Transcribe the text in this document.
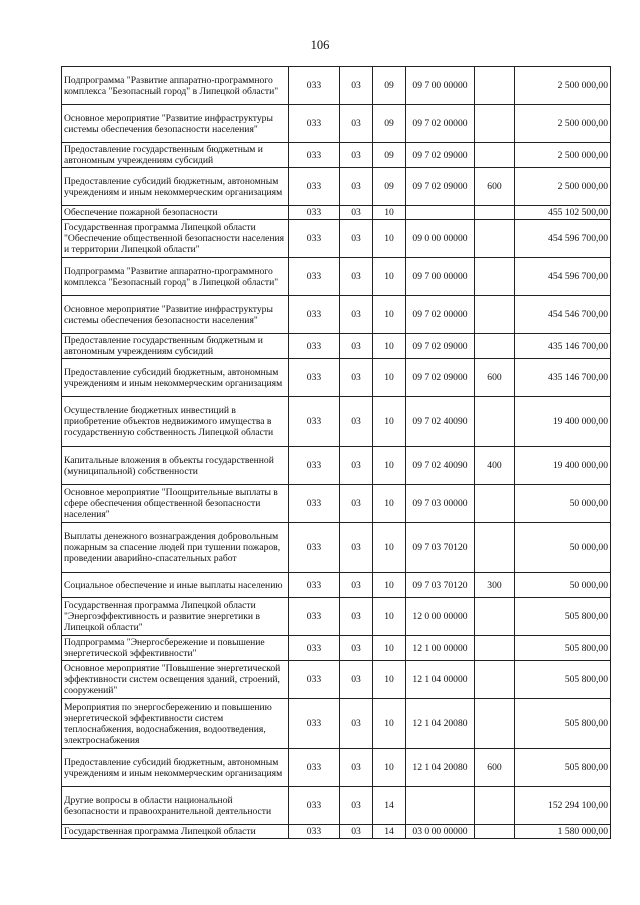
106
Подпрограмма "Развитие аппаратно-программного комплекса "Безопасный город" в Липецкой области"	033	03	09	09 7 00 00000		2 500 000,00
Основное мероприятие "Развитие инфраструктуры системы обеспечения безопасности населения"	033	03	09	09 7 02 00000		2 500 000,00
Предоставление государственным бюджетным и автономным учреждениям субсидий	033	03	09	09 7 02 09000		2 500 000,00
Предоставление субсидий бюджетным, автономным учреждениям и иным некоммерческим организациям	033	03	09	09 7 02 09000	600	2 500 000,00
Обеспечение пожарной безопасности	033	03	10			455 102 500,00
Государственная программа Липецкой области "Обеспечение общественной безопасности населения и территории Липецкой области"	033	03	10	09 0 00 00000		454 596 700,00
Подпрограмма "Развитие аппаратно-программного комплекса "Безопасный город" в Липецкой области"	033	03	10	09 7 00 00000		454 596 700,00
Основное мероприятие "Развитие инфраструктуры системы обеспечения безопасности населения"	033	03	10	09 7 02 00000		454 546 700,00
Предоставление государственным бюджетным и автономным учреждениям субсидий	033	03	10	09 7 02 09000		435 146 700,00
Предоставление субсидий бюджетным, автономным учреждениям и иным некоммерческим организациям	033	03	10	09 7 02 09000	600	435 146 700,00
Осуществление бюджетных инвестиций в приобретение объектов недвижимого имущества в государственную собственность Липецкой области	033	03	10	09 7 02 40090		19 400 000,00
Капитальные вложения в объекты государственной (муниципальной) собственности	033	03	10	09 7 02 40090	400	19 400 000,00
Основное мероприятие "Поощрительные выплаты в сфере обеспечения общественной безопасности населения"	033	03	10	09 7 03 00000		50 000,00
Выплаты денежного вознаграждения добровольным пожарным за спасение людей при тушении пожаров, проведении аварийно-спасательных работ	033	03	10	09 7 03 70120		50 000,00
Социальное обеспечение и иные выплаты населению	033	03	10	09 7 03 70120	300	50 000,00
Государственная программа Липецкой области "Энергоэффективность и развитие энергетики в Липецкой области"	033	03	10	12 0 00 00000		505 800,00
Подпрограмма "Энергосбережение и повышение энергетической эффективности"	033	03	10	12 1 00 00000		505 800,00
Основное мероприятие "Повышение энергетической эффективности систем освещения зданий, строений, сооружений"	033	03	10	12 1 04 00000		505 800,00
Мероприятия по энергосбережению и повышению энергетической эффективности систем теплоснабжения, водоснабжения, водоотведения, электроснабжения	033	03	10	12 1 04 20080		505 800,00
Предоставление субсидий бюджетным, автономным учреждениям и иным некоммерческим организациям	033	03	10	12 1 04 20080	600	505 800,00
Другие вопросы в области национальной безопасности и правоохранительной деятельности	033	03	14			152 294 100,00
Государственная программа Липецкой области	033	03	14	03 0 00 00000		1 580 000,00
